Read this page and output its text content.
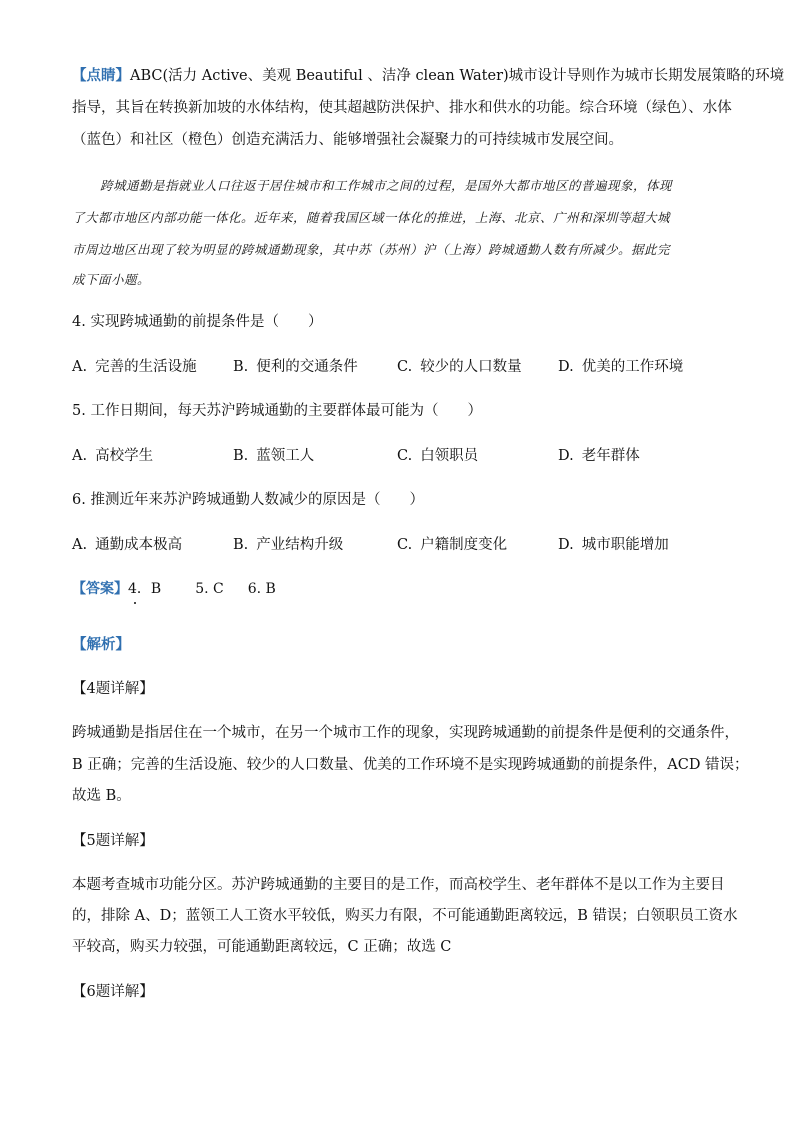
【点睛】ABC(活力 Active、美观 Beautiful 、洁净 clean Water)城市设计导则作为城市长期发展策略的环境
指导，其旨在转换新加坡的水体结构，使其超越防洪保护、排水和供水的功能。综合环境（绿色）、水体
（蓝色）和社区（橙色）创造充满活力、能够增强社会凝聚力的可持续城市发展空间。
跨城通勤是指就业人口往返于居住城市和工作城市之间的过程，是国外大都市地区的普遍现象，体现
了大都市地区内部功能一体化。近年来，随着我国区域一体化的推进，上海、北京、广州和深圳等超大城
市周边地区出现了较为明显的跨城通勤现象，其中苏（苏州）沪（上海）跨城通勤人数有所减少。据此完
成下面小题。
4. 实现跨城通勤的前提条件是（　　）
A. 完善的生活设施	B. 便利的交通条件	C. 较少的人口数量	D. 优美的工作环境
5. 工作日期间，每天苏沪跨城通勤的主要群体最可能为（　　）
A. 高校学生	B. 蓝领工人	C. 白领职员	D. 老年群体
6. 推测近年来苏沪跨城通勤人数减少的原因是（　　）
A. 通勤成本极高	B. 产业结构升级	C. 户籍制度变化	D. 城市职能增加
【答案】4．B 5. C 6. B
【解析】
【4题详解】
跨城通勤是指居住在一个城市，在另一个城市工作的现象，实现跨城通勤的前提条件是便利的交通条件，
B 正确；完善的生活设施、较少的人口数量、优美的工作环境不是实现跨城通勤的前提条件，ACD 错误；
故选 B。
【5题详解】
本题考查城市功能分区。苏沪跨城通勤的主要目的是工作，而高校学生、老年群体不是以工作为主要目
的，排除 A、D；蓝领工人工资水平较低，购买力有限，不可能通勤距离较远，B 错误；白领职员工资水
平较高，购买力较强，可能通勤距离较远，C 正确；故选 C
【6题详解】
